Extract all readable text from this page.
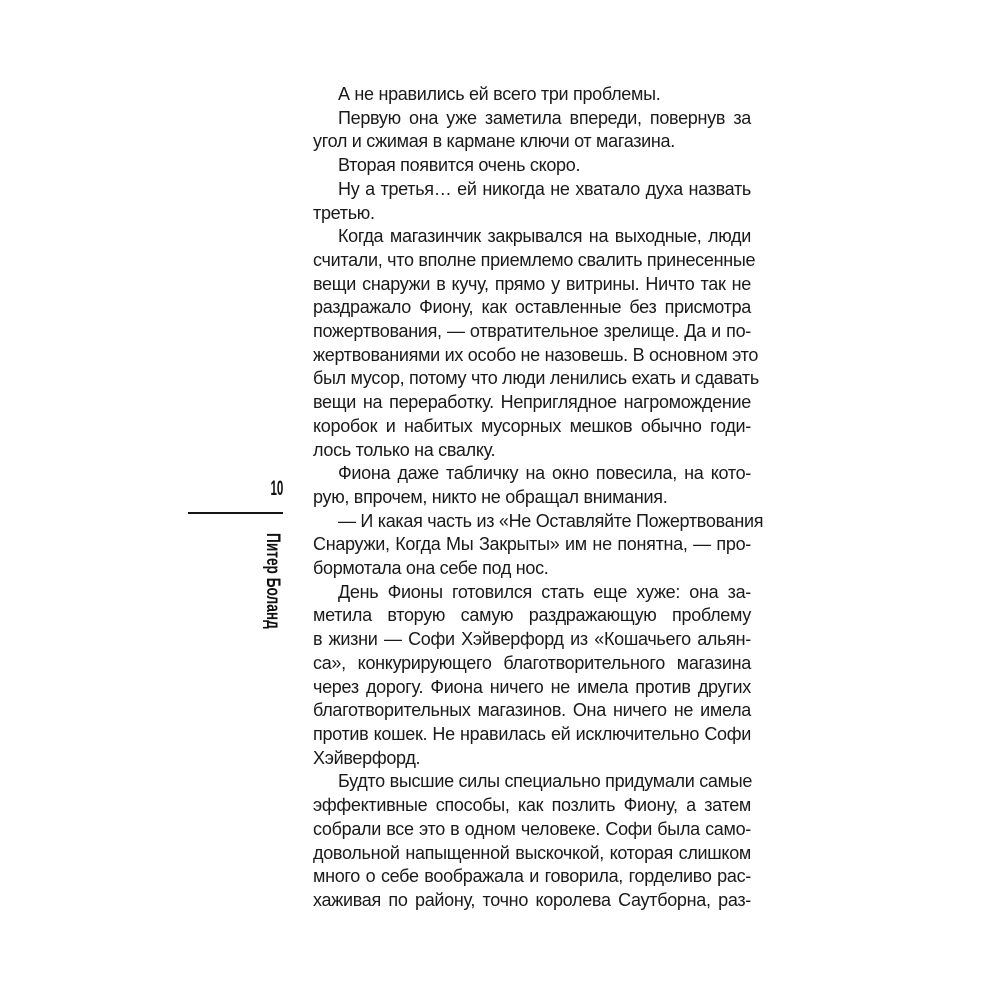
10
Питер Боланд
А не нравились ей всего три проблемы.
Первую она уже заметила впереди, повернув за
угол и сжимая в кармане ключи от магазина.
Вторая появится очень скоро.
Ну а третья… ей никогда не хватало духа назвать
третью.
Когда магазинчик закрывался на выходные, люди
считали, что вполне приемлемо свалить принесенные
вещи снаружи в кучу, прямо у витрины. Ничто так не
раздражало Фиону, как оставленные без присмотра
пожертвования, — отвратительное зрелище. Да и по-
жертвованиями их особо не назовешь. В основном это
был мусор, потому что люди ленились ехать и сдавать
вещи на переработку. Неприглядное нагромождение
коробок и набитых мусорных мешков обычно годи-
лось только на свалку.
Фиона даже табличку на окно повесила, на кото-
рую, впрочем, никто не обращал внимания.
— И какая часть из «Не Оставляйте Пожертвования
Снаружи, Когда Мы Закрыты» им не понятна, — про-
бормотала она себе под нос.
День Фионы готовился стать еще хуже: она за-
метила вторую самую раздражающую проблему
в жизни — Софи Хэйверфорд из «Кошачьего альян-
са», конкурирующего благотворительного магазина
через дорогу. Фиона ничего не имела против других
благотворительных магазинов. Она ничего не имела
против кошек. Не нравилась ей исключительно Софи
Хэйверфорд.
Будто высшие силы специально придумали самые
эффективные способы, как позлить Фиону, а затем
собрали все это в одном человеке. Софи была само-
довольной напыщенной выскочкой, которая слишком
много о себе воображала и говорила, горделиво рас-
хаживая по району, точно королева Саутборна, раз-
